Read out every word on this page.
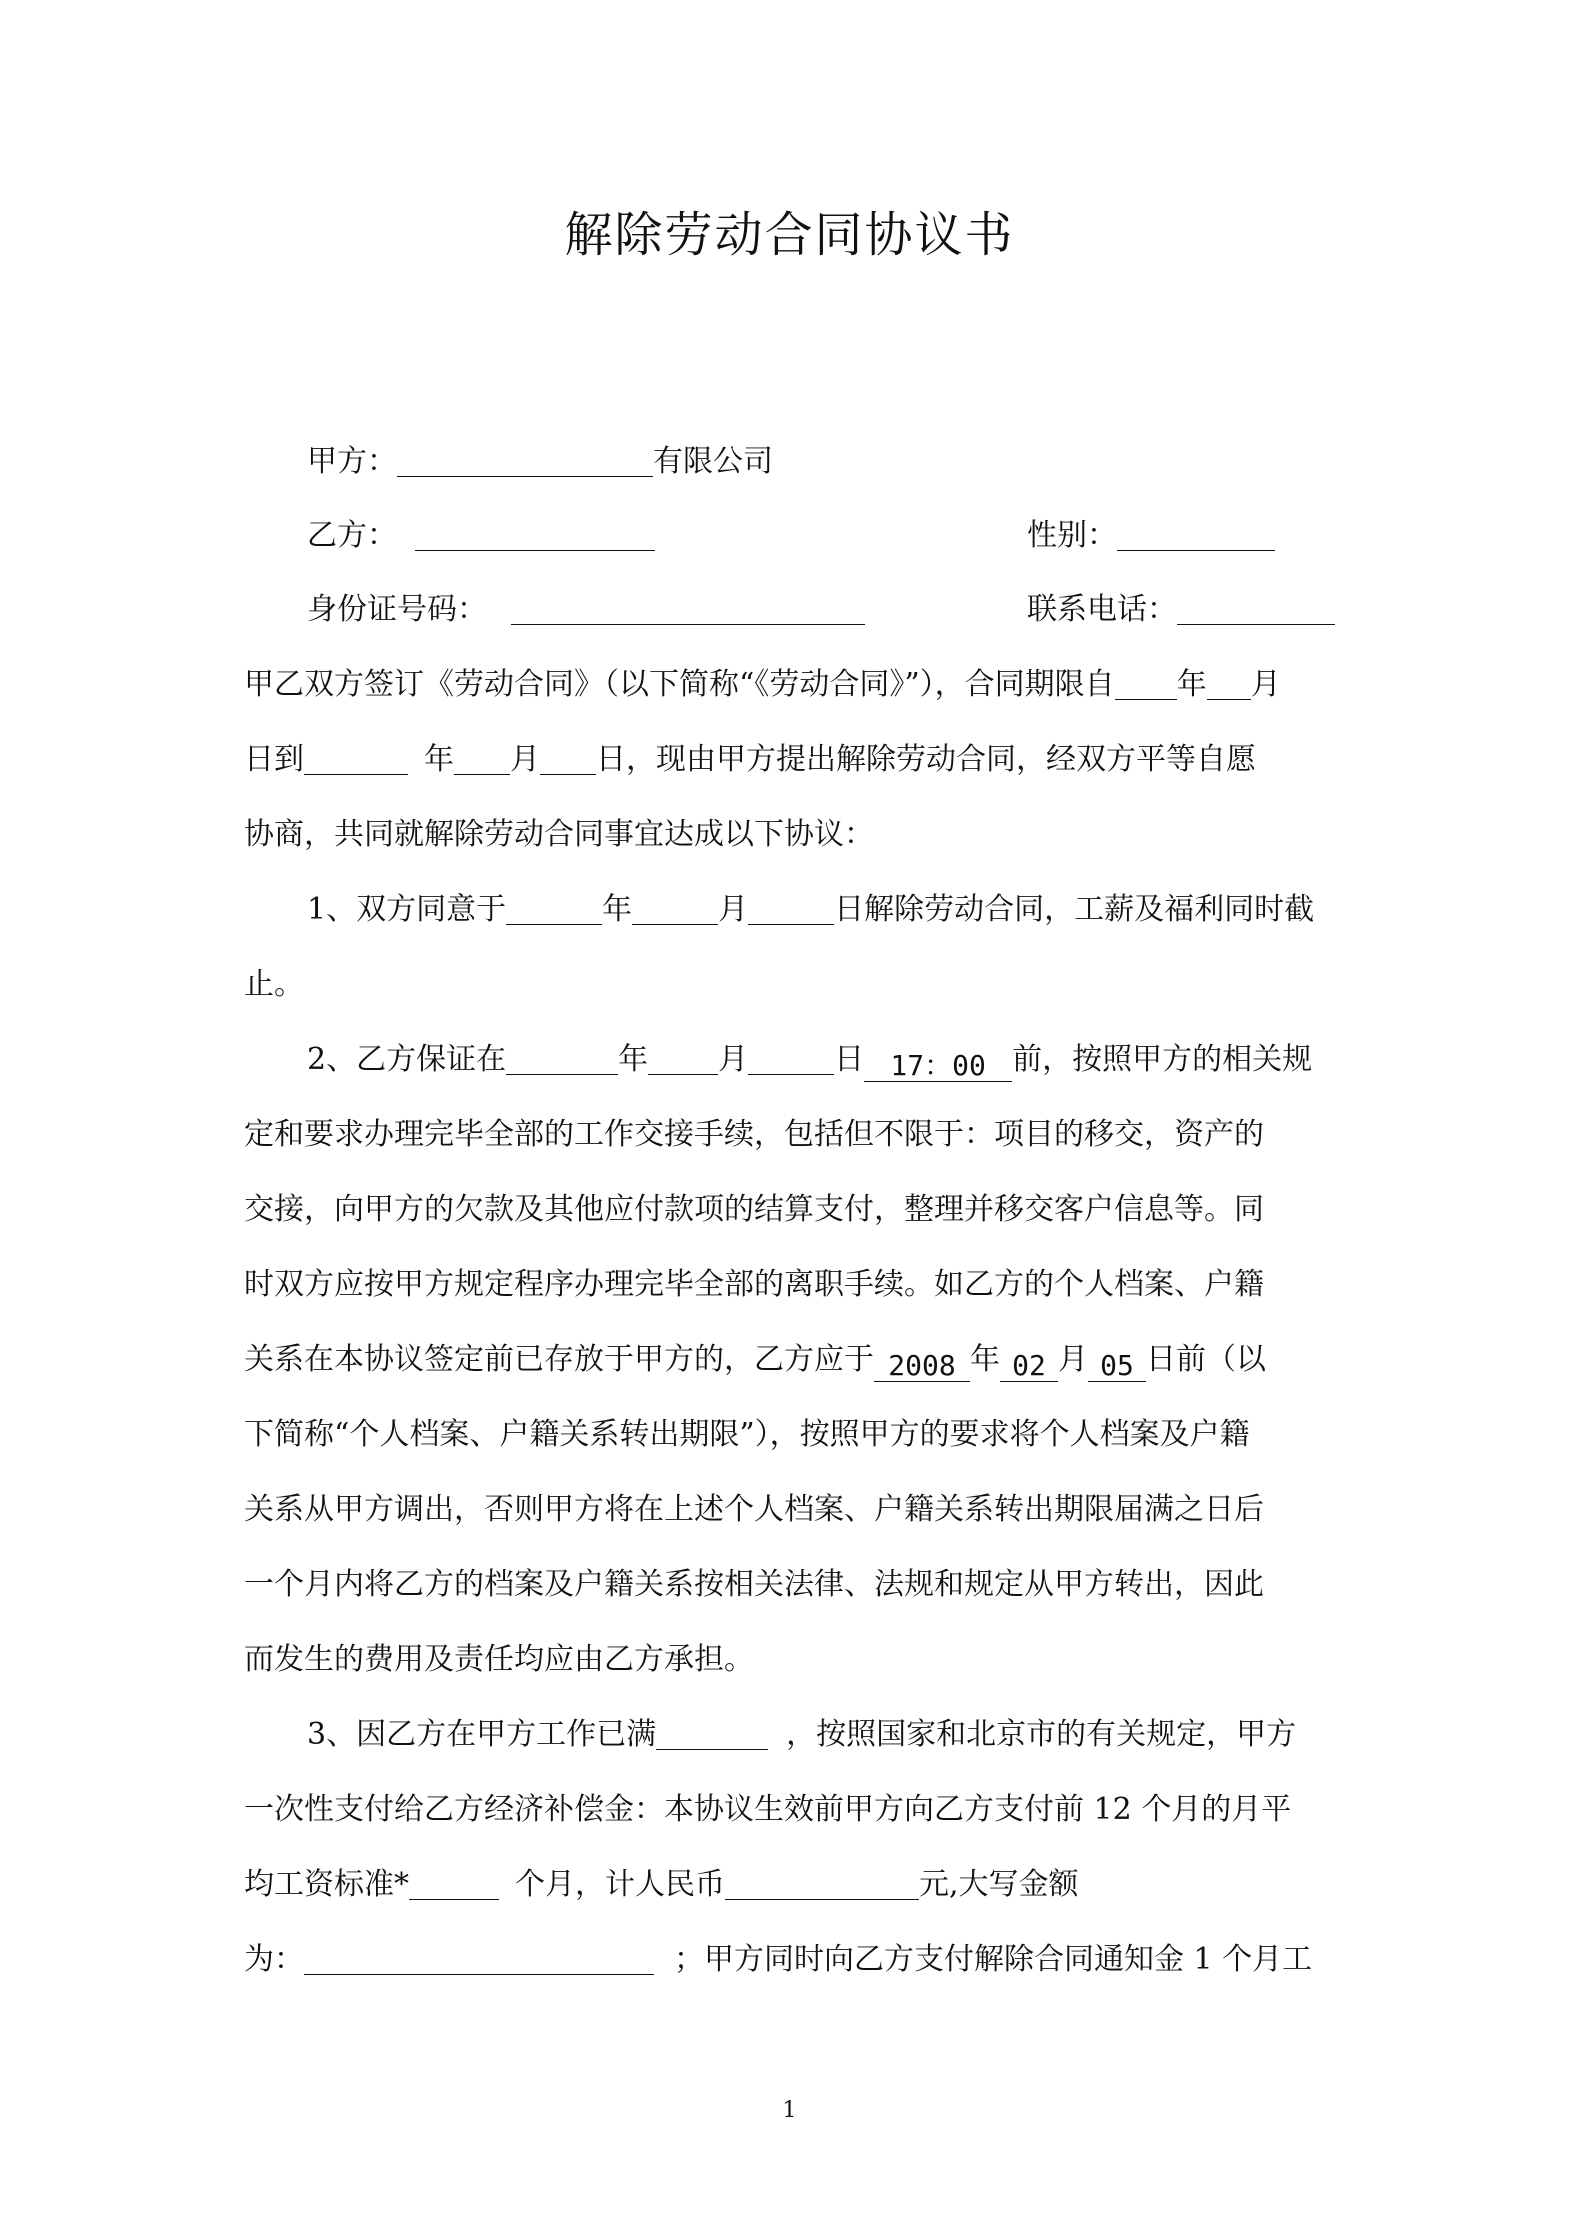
解除劳动合同协议书
甲方：	有限公司
乙方：	性别：
身份证号码：	联系电话：
甲乙双方签订《劳动合同》（以下简称“《劳动合同》”），合同期限自 年 月
日到	年 月 日，现由甲方提出解除劳动合同，经双方平等自愿
协商，共同就解除劳动合同事宜达成以下协议：
1、双方同意于	年	月	日解除劳动合同，工薪及福利同时截
止。
2、乙方保证在	年 月	日 17：00 前，按照甲方的相关规
定和要求办理完毕全部的工作交接手续，包括但不限于：项目的移交，资产的
交接，向甲方的欠款及其他应付款项的结算支付，整理并移交客户信息等。同
时双方应按甲方规定程序办理完毕全部的离职手续。如乙方的个人档案、户籍
关系在本协议签定前已存放于甲方的，乙方应于 2008 年 02 月 05 日前（以
下简称“个人档案、户籍关系转出期限”），按照甲方的要求将个人档案及户籍
关系从甲方调出，否则甲方将在上述个人档案、户籍关系转出期限届满之日后
一个月内将乙方的档案及户籍关系按相关法律、法规和规定从甲方转出，因此
而发生的费用及责任均应由乙方承担。
3、因乙方在甲方工作已满	，按照国家和北京市的有关规定，甲方
一次性支付给乙方经济补偿金：本协议生效前甲方向乙方支付前 12 个月的月平
均工资标准*	个月，计人民币	元,大写金额
为：	；甲方同时向乙方支付解除合同通知金 1 个月工
1
